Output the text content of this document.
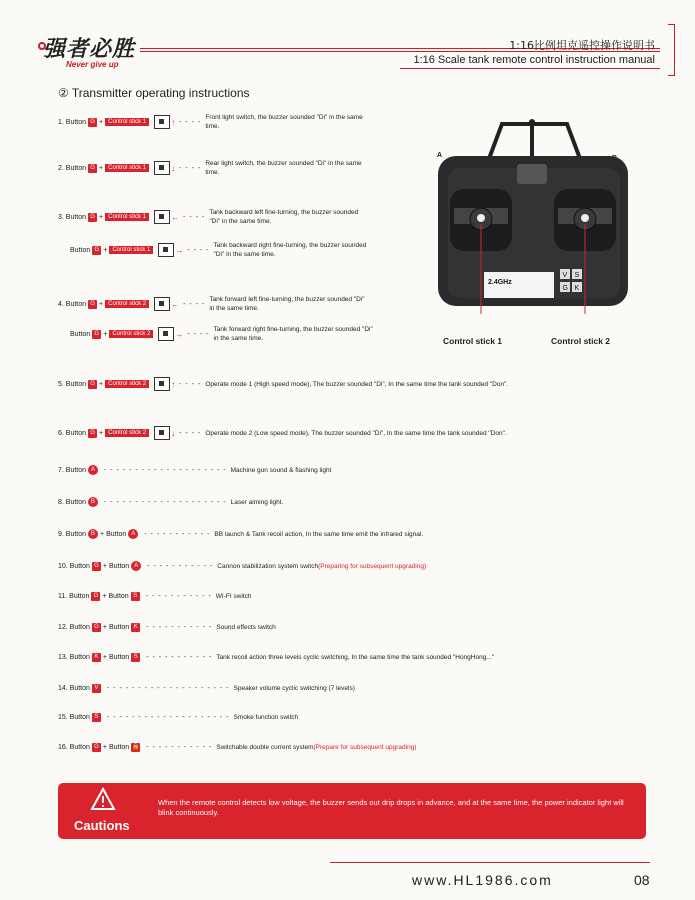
强者必胜
Never give up
1:16比例坦克遥控操作说明书
1:16 Scale tank remote control instruction manual
② Transmitter operating instructions
1. Button G + Control stick 1	↑ - - - -
Front light switch, the buzzer sounded "Di" in the same time.
2. Button G + Control stick 1	↓ - - - -
Rear light switch, the buzzer sounded "Di" in the same time.
3. Button G + Control stick 1	← - - - -
Tank backward left fine-turning, the buzzer sounded "Di" in the same time.
Button G + Control stick 1	→ - - - -
Tank backward right fine-turning, the buzzer sounded "Di" in the same time.
4. Button G + Control stick 2	← - - - -
Tank forward left fine-turning, the buzzer sounded "Di" in the same time.
Button G + Control stick 2	→ - - - -
Tank forward right fine-turning, the buzzer sounded "Di" in the same time.
5. Button G + Control stick 2	↑ - - - - Operate mode 1 (High speed mode), The buzzer sounded "Di", In the same time the tank sounded "Don".
6. Button G + Control stick 2	↓ - - - - Operate mode 2 (Low speed mode), The buzzer sounded "Di", In the same time the tank sounded "Don".
7. Button A	- - - - - - - - - - - - - - - - - - - - Machine gun sound & flashing light
8. Button B	- - - - - - - - - - - - - - - - - - - - Laser aiming light.
9. Button B + Button A	- - - - - - - - - - - BB launch & Tank recoil action, In the same time emit the infrared signal.
10. Button G + Button A	- - - - - - - - - - - Cannon stabilization system switch (Preparing for subsequent upgrading)
11. Button G + Button S	- - - - - - - - - - - WI-FI switch
12. Button G + Button K	- - - - - - - - - - - Sound effects switch
13. Button K + Button S	- - - - - - - - - - - Tank recoil action three levels cyclic switching, In the same time the tank sounded "HongHong..."
14. Button V	- - - - - - - - - - - - - - - - - - - - Speaker volume cyclic switching (7 levels)
15. Button S	- - - - - - - - - - - - - - - - - - - - Smoke function switch
16. Button G + Button 🔒 - - - - - - - - - - - Switchable double current system (Prepare for subsequent upgrading)
2.4GHz
V S
G K
A	B
Control stick 1	Control stick 2
Cautions
When the remote control detects low voltage, the buzzer sends out drip drops in advance, and at the same time, the power indicator light will blink continuously.
www.HL1986.com	08
